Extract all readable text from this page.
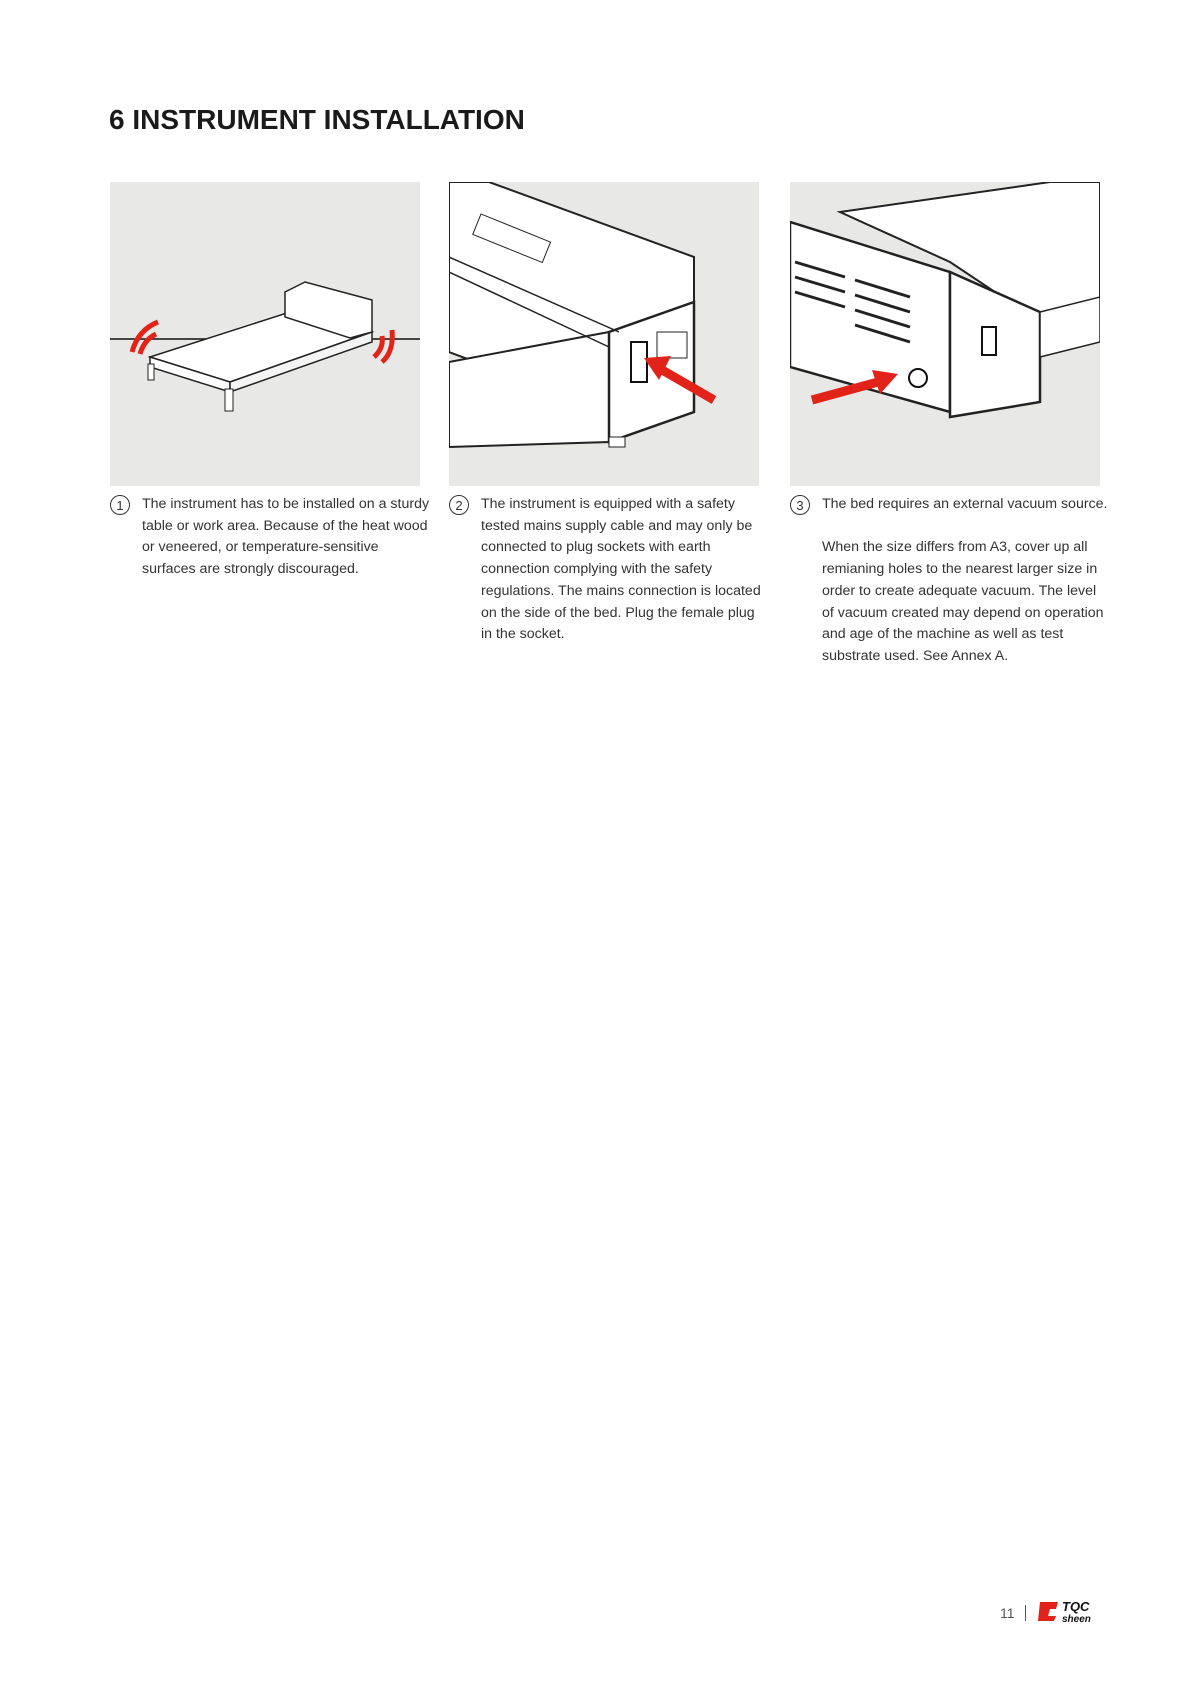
6 INSTRUMENT INSTALLATION
1	The instrument has to be installed on a sturdy table or work area. Because of the heat wood or veneered, or temperature-sensitive surfaces are strongly discouraged.

2	The instrument is equipped with a safety tested mains supply cable and may only be connected to plug sockets with earth connection complying with the safety regulations. The mains connection is located on the side of the bed. Plug the female plug in the socket.

3	The bed requires an external vacuum source.

When the size differs from A3, cover up all remianing holes to the nearest larger size in order to create adequate vacuum. The level of vacuum created may depend on operation and age of the machine as well as test substrate used. See Annex A.

11	TQC
sheen
